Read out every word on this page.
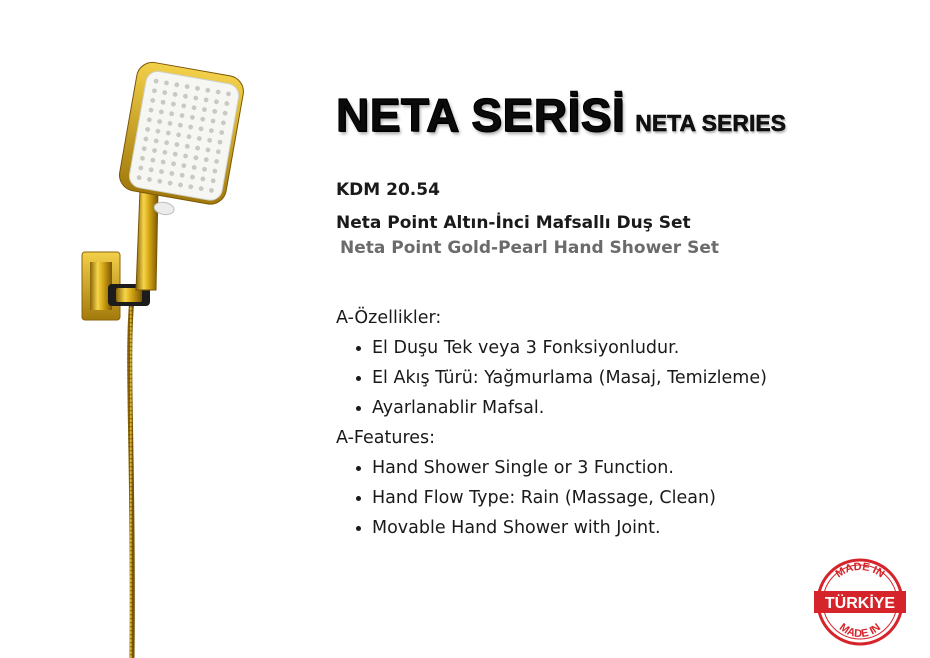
NETA SERİSİ NETA SERIES
KDM 20.54
Neta Point Altın-İnci Mafsallı Duş Set
Neta Point Gold-Pearl Hand Shower Set

A-Özellikler:

El Duşu Tek veya 3 Fonksiyonludur.
El Akış Türü: Yağmurlama (Masaj, Temizleme)
Ayarlanablir Mafsal.

A-Features:

Hand Shower Single or 3 Function.
Hand Flow Type: Rain (Massage, Clean)
Movable Hand Shower with Joint.
MADE IN
TÜRKİYE
MADE IN
